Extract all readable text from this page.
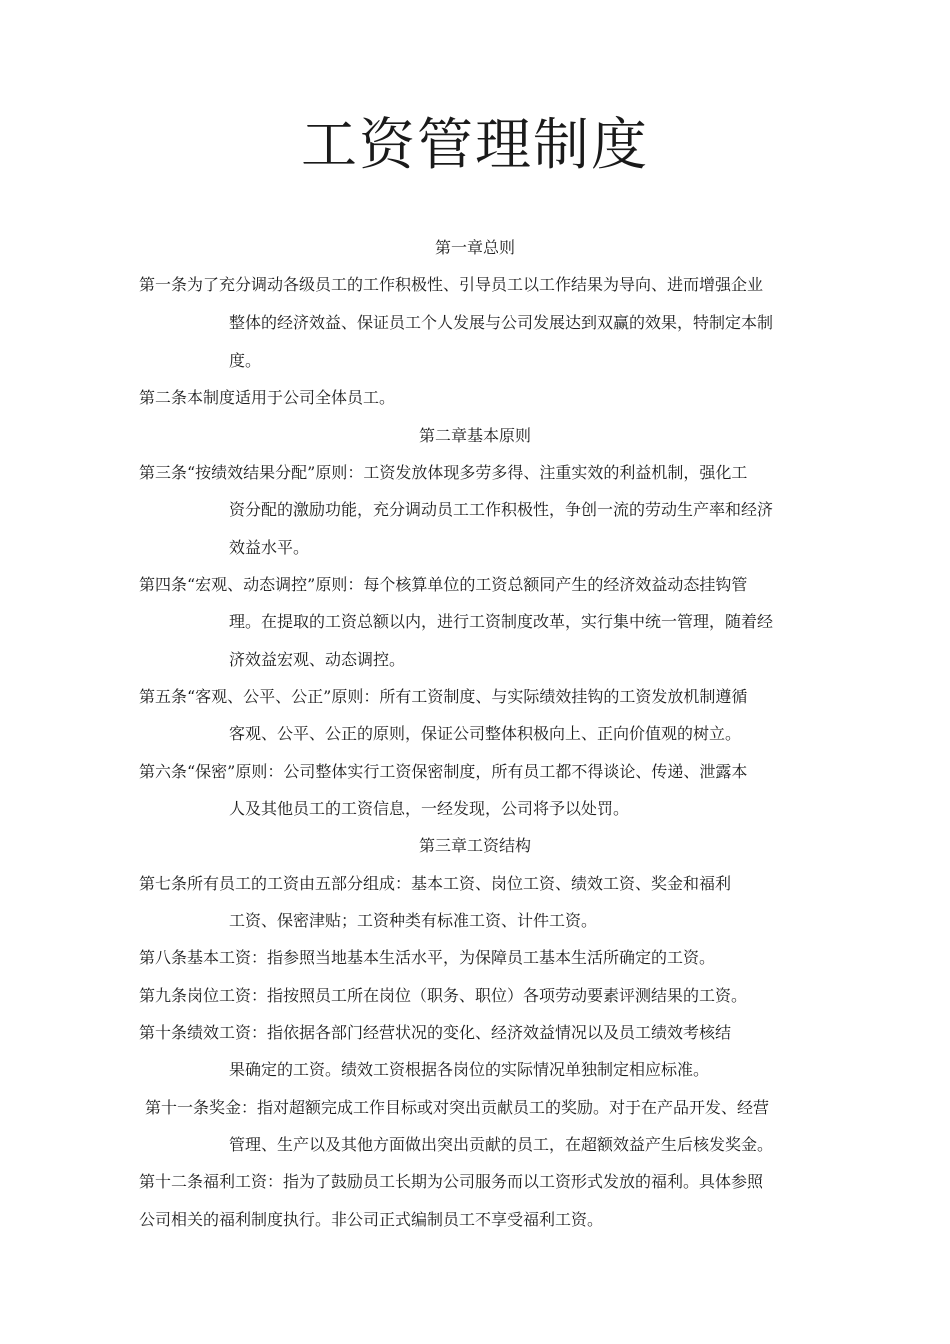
工资管理制度
第一章总则
第一条为了充分调动各级员工的工作积极性、引导员工以工作结果为导向、进而增强企业
整体的经济效益、保证员工个人发展与公司发展达到双赢的效果，特制定本制
度。
第二条本制度适用于公司全体员工。
第二章基本原则
第三条“按绩效结果分配”原则：工资发放体现多劳多得、注重实效的利益机制，强化工
资分配的激励功能，充分调动员工工作积极性，争创一流的劳动生产率和经济
效益水平。
第四条“宏观、动态调控”原则：每个核算单位的工资总额同产生的经济效益动态挂钩管
理。在提取的工资总额以内，进行工资制度改革，实行集中统一管理，随着经
济效益宏观、动态调控。
第五条“客观、公平、公正”原则：所有工资制度、与实际绩效挂钩的工资发放机制遵循
客观、公平、公正的原则，保证公司整体积极向上、正向价值观的树立。
第六条“保密”原则：公司整体实行工资保密制度，所有员工都不得谈论、传递、泄露本
人及其他员工的工资信息，一经发现，公司将予以处罚。
第三章工资结构
第七条所有员工的工资由五部分组成：基本工资、岗位工资、绩效工资、奖金和福利
工资、保密津贴；工资种类有标准工资、计件工资。
第八条基本工资：指参照当地基本生活水平，为保障员工基本生活所确定的工资。
第九条岗位工资：指按照员工所在岗位（职务、职位）各项劳动要素评测结果的工资。
第十条绩效工资：指依据各部门经营状况的变化、经济效益情况以及员工绩效考核结
果确定的工资。绩效工资根据各岗位的实际情况单独制定相应标准。
第十一条奖金：指对超额完成工作目标或对突出贡献员工的奖励。对于在产品开发、经营
管理、生产以及其他方面做出突出贡献的员工，在超额效益产生后核发奖金。
第十二条福利工资：指为了鼓励员工长期为公司服务而以工资形式发放的福利。具体参照
公司相关的福利制度执行。非公司正式编制员工不享受福利工资。
